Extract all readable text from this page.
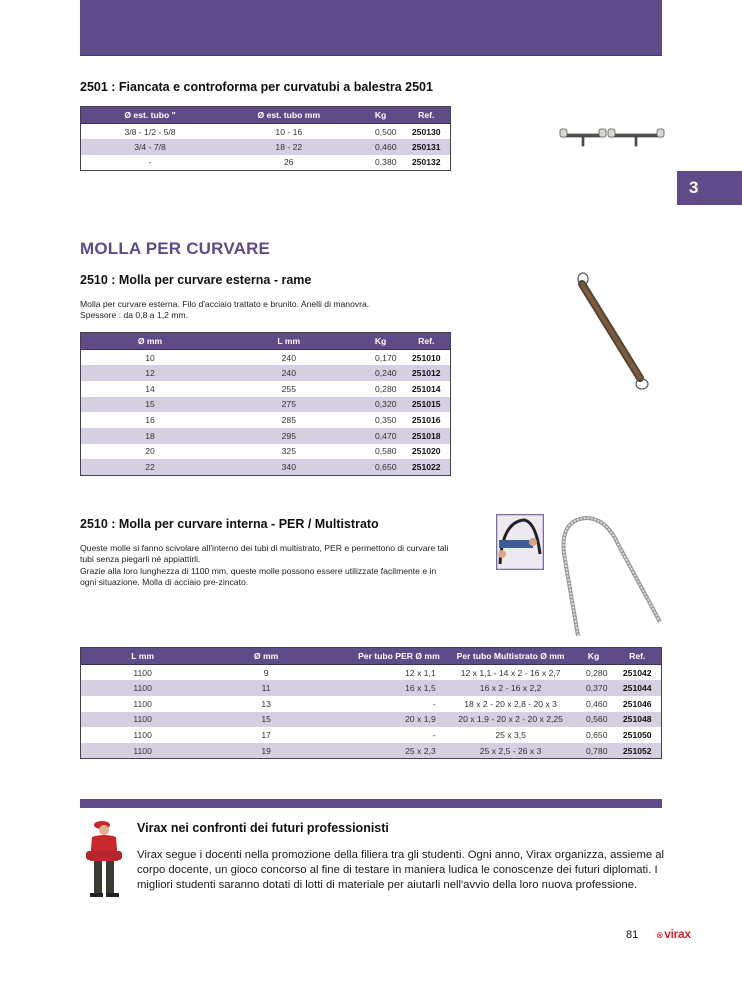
3
2501 : Fiancata e controforma per curvatubi a balestra 2501
Ø est. tubo "	Ø est. tubo mm	Kg	Ref.
3/8 - 1/2 - 5/8	10 - 16	0,500	250130
3/4 - 7/8	18 - 22	0,460	250131
-	26	0,380	250132
MOLLA PER CURVARE
2510 : Molla per curvare esterna - rame
Molla per curvare esterna. Filo d'acciaio trattato e brunito. Anelli di manovra.
Spessore : da 0,8 a 1,2 mm.
Ø mm	L mm	Kg	Ref.
10	240	0,170	251010
12	240	0,240	251012
14	255	0,280	251014
15	275	0,320	251015
16	285	0,350	251016
18	295	0,470	251018
20	325	0,580	251020
22	340	0,650	251022
2510 : Molla per curvare interna - PER / Multistrato
Queste molle si fanno scivolare all'interno dei tubi di multistrato, PER e permettono di curvare tali
tubi senza piegarli né appiattirli.
Grazie alla loro lunghezza di 1100 mm, queste molle possono essere utilizzate facilmente e in
ogni situazione. Molla di acciaio pre-zincato.
L mm	Ø mm	Per tubo PER Ø mm	Per tubo Multistrato Ø mm	Kg	Ref.
1100	9	12 x 1,1	12 x 1,1 - 14 x 2 - 16 x 2,7	0,280	251042
1100	11	16 x 1,5	16 x 2 - 16 x 2,2	0,370	251044
1100	13	-	18 x 2 - 20 x 2,8 - 20 x 3	0,460	251046
1100	15	20 x 1,9	20 x 1,9 - 20 x 2 - 20 x 2,25	0,560	251048
1100	17	-	25 x 3,5	0,650	251050
1100	19	25 x 2,3	25 x 2,5 - 26 x 3	0,780	251052
Virax nei confronti dei futuri professionisti
Virax segue i docenti nella promozione della filiera tra gli studenti. Ogni anno, Virax organizza, assieme al corpo docente, un gioco concorso al fine di testare in maniera ludica le conoscenze dei futuri diplomati. I migliori studenti saranno dotati di lotti di materiale per aiutarli nell'avvio della loro nuova professione.
81 ⊗virax
